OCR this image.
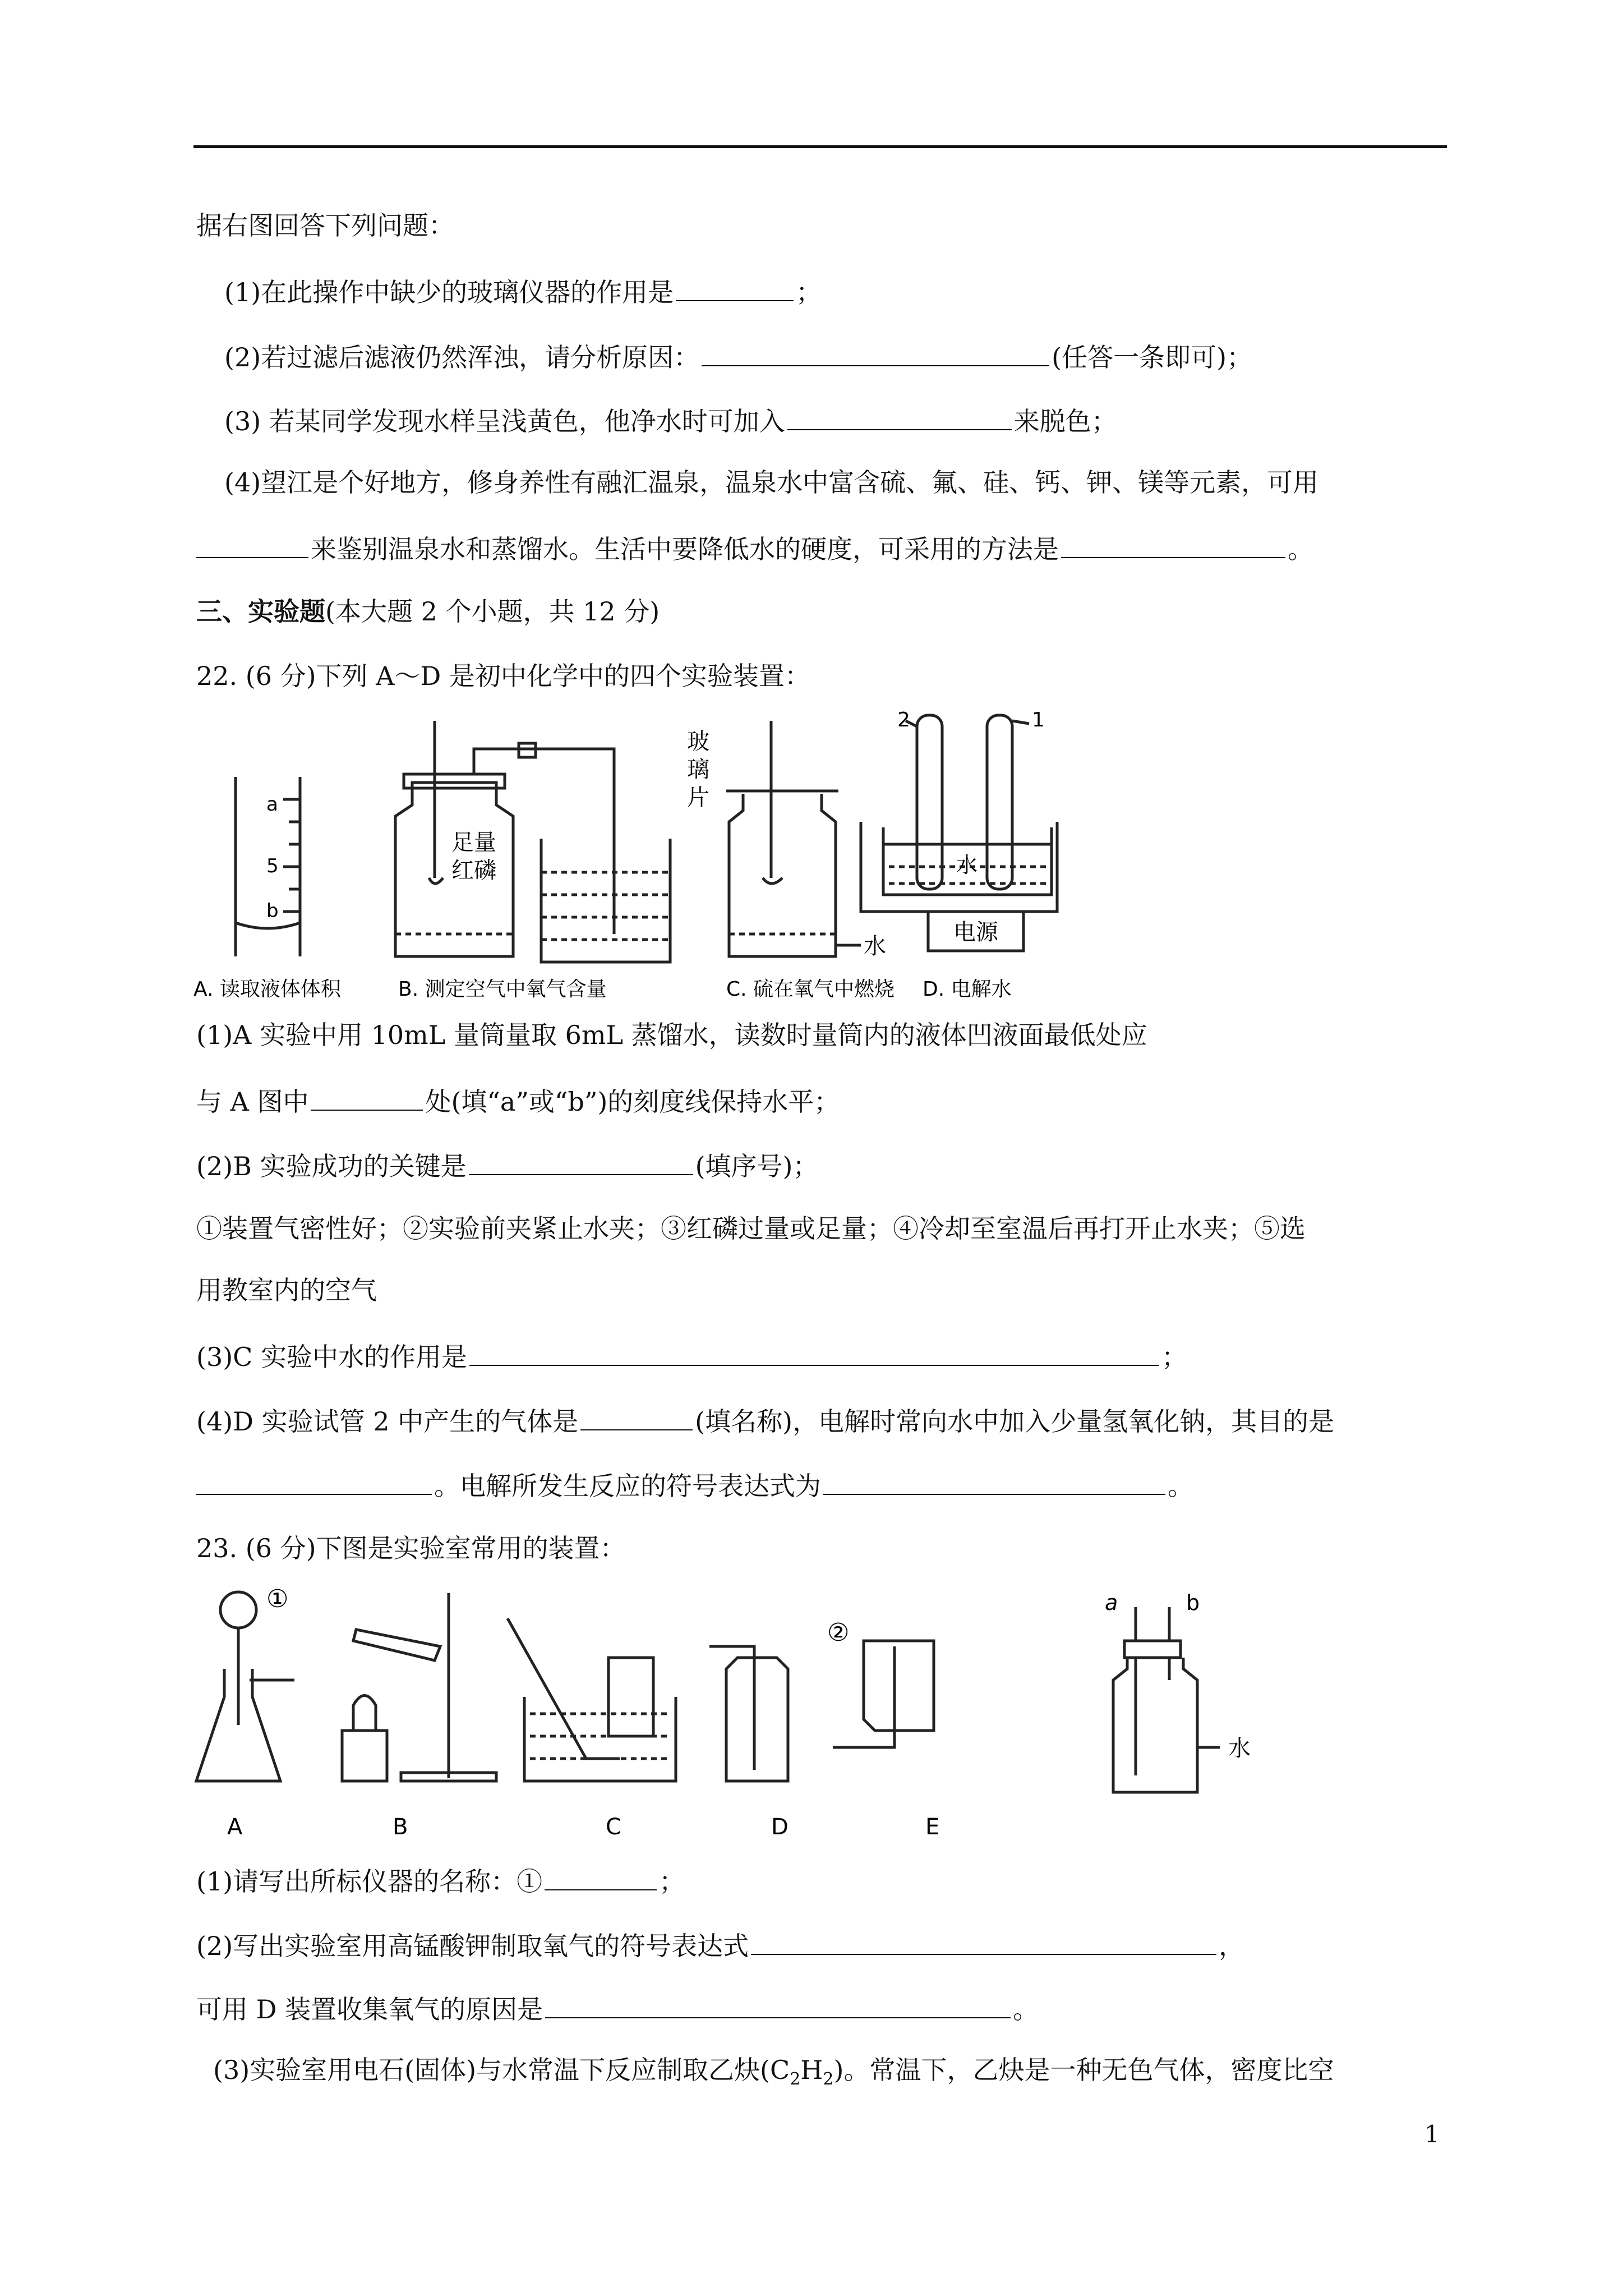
据右图回答下列问题：
(1)在此操作中缺少的玻璃仪器的作用是	；
(2)若过滤后滤液仍然浑浊，请分析原因：	(任答一条即可)；
(3) 若某同学发现水样呈浅黄色，他净水时可加入	来脱色；
(4)望江是个好地方，修身养性有融汇温泉，温泉水中富含硫、氟、硅、钙、钾、镁等元素，可用
来鉴别温泉水和蒸馏水。生活中要降低水的硬度，可采用的方法是	。
三、实验题(本大题 2 个小题，共 12 分)
22. (6 分)下列 A～D 是初中化学中的四个实验装置：
a
5
b
足量
红磷
玻
璃
片
水
2	1
水
电源
A. 读取液体体积	B. 测定空气中氧气含量	C. 硫在氧气中燃烧 D. 电解水
(1)A 实验中用 10mL 量筒量取 6mL 蒸馏水，读数时量筒内的液体凹液面最低处应
与 A 图中	处(填“a”或“b”)的刻度线保持水平；
(2)B 实验成功的关键是	(填序号)；
①装置气密性好；②实验前夹紧止水夹；③红磷过量或足量；④冷却至室温后再打开止水夹；⑤选
用教室内的空气
(3)C 实验中水的作用是	；
(4)D 实验试管 2 中产生的气体是	(填名称)，电解时常向水中加入少量氢氧化钠，其目的是
。电解所发生反应的符号表达式为	。
23. (6 分)下图是实验室常用的装置：
①
②
a	b
水
A	B	C	D	E
(1)请写出所标仪器的名称：①	；
(2)写出实验室用高锰酸钾制取氧气的符号表达式	，
可用 D 装置收集氧气的原因是	。
(3)实验室用电石(固体)与水常温下反应制取乙炔$(C_2H_2)$。常温下，乙炔是一种无色气体，密度比空
1
